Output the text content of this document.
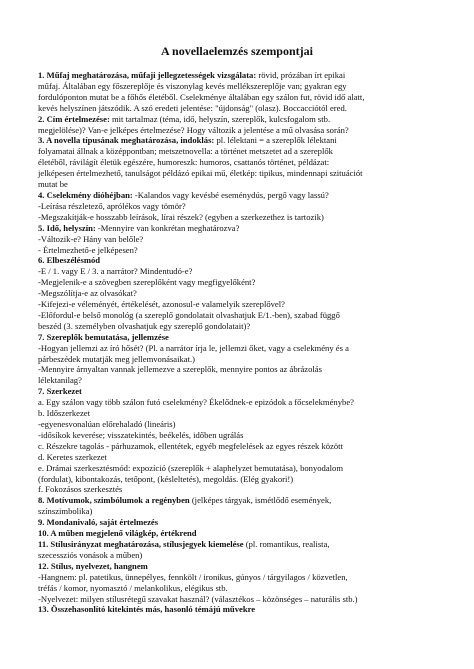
A novellaelemzés szempontjai

1. Műfaj meghatározása, műfaji jellegzetességek vizsgálata: rövid, prózában írt epikai

műfaj. Általában egy főszereplője és viszonylag kevés mellékszereplője van; gyakran egy

fordulóponton mutat be a főhős életéből. Cselekménye általában egy szálon fut, rövid idő alatt,

kevés helyszínen játszódik. A szó eredeti jelentése: "újdonság" (olasz). Boccacciótól ered.

2. Cím értelmezése: mit tartalmaz (téma, idő, helyszín, szereplők, kulcsfogalom stb.

megjelölése)? Van-e jelképes értelmezése? Hogy változik a jelentése a mű olvasása során?

3. A novella típusának meghatározása, indoklás: pl. lélektani = a szereplők lélektani

folyamatai állnak a középpontban; metszetnovella: a történet metszetet ad a szereplők

életéből, rávilágít életük egészére, humoreszk: humoros, csattanós történet, példázat:

jelképesen értelmezhető, tanulságot példázó epikai mű, életkép: tipikus, mindennapi szituációt

mutat be

4. Cselekmény dióhéjban: -Kalandos vagy kevésbé eseménydús, pergő vagy lassú?

-Leírása részletező, aprólékos vagy tömör?

-Megszakítják-e hosszabb leírások, lírai részek? (egyben a szerkezethez is tartozik)

5. Idő, helyszín: -Mennyire van konkrétan meghatározva?

-Változik-e? Hány van belőle?

- Értelmezhető-e jelképesen?

6. Elbeszélésmód

-E / 1. vagy E / 3. a narrátor? Mindentudó-e?

-Megjelenik-e a szövegben szereplőként vagy megfigyelőként?

-Megszólítja-e az olvasókat?

-Kifejezi-e véleményét, értékelését, azonosul-e valamelyik szereplővel?

-Előfordul-e belső monológ (a szereplő gondolatait olvashatjuk E/1.-ben), szabad függő

beszéd (3. személyben olvashatjuk egy szereplő gondolatait)?

7. Szereplők bemutatása, jellemzése

-Hogyan jellemzi az író hősét? (Pl. a narrátor írja le, jellemzi őket, vagy a cselekmény és a

párbeszédek mutatják meg jellemvonásaikat.)

-Mennyire árnyaltan vannak jellemezve a szereplők, mennyire pontos az ábrázolás

lélektanilag?

7. Szerkezet

a. Egy szálon vagy több szálon futó cselekmény? Ékelődnek-e epizódok a főcselekménybe?

b. Időszerkezet

-egyenesvonalúan előrehaladó (lineáris)

-idősíkok keverése; visszatekintés, beékelés, időben ugrálás

c. Részekre tagolás - párhuzamok, ellentétek, egyéb megfelelések az egyes részek között

d. Keretes szerkezet

e. Drámai szerkesztésmód: expozíció (szereplők + alaphelyzet bemutatása), bonyodalom

(fordulat), kibontakozás, tetőpont, (késleltetés), megoldás. (Elég gyakori!)

f. Fokozásos szerkesztés

8. Motívumok, szimbólumok a regényben (jelképes tárgyak, ismétlődő események,

színszimbolika)

9. Mondanivaló, saját értelmezés

10. A műben megjelenő világkép, értékrend

11. Stílusirányzat meghatározása, stílusjegyek kiemelése (pl. romantikus, realista,

szecessziós vonások a műben)

12. Stílus, nyelvezet, hangnem

-Hangnem: pl. patetikus, ünnepélyes, fennkölt / ironikus, gúnyos / tárgyilagos / közvetlen,

tréfás / komor, nyomasztó / melankolikus, elégikus stb.

-Nyelvezet: milyen stílusrétegű szavakat használ? (választékos – közönséges – naturális stb.)

13. Összehasonlító kitekintés más, hasonló témájú művekre
